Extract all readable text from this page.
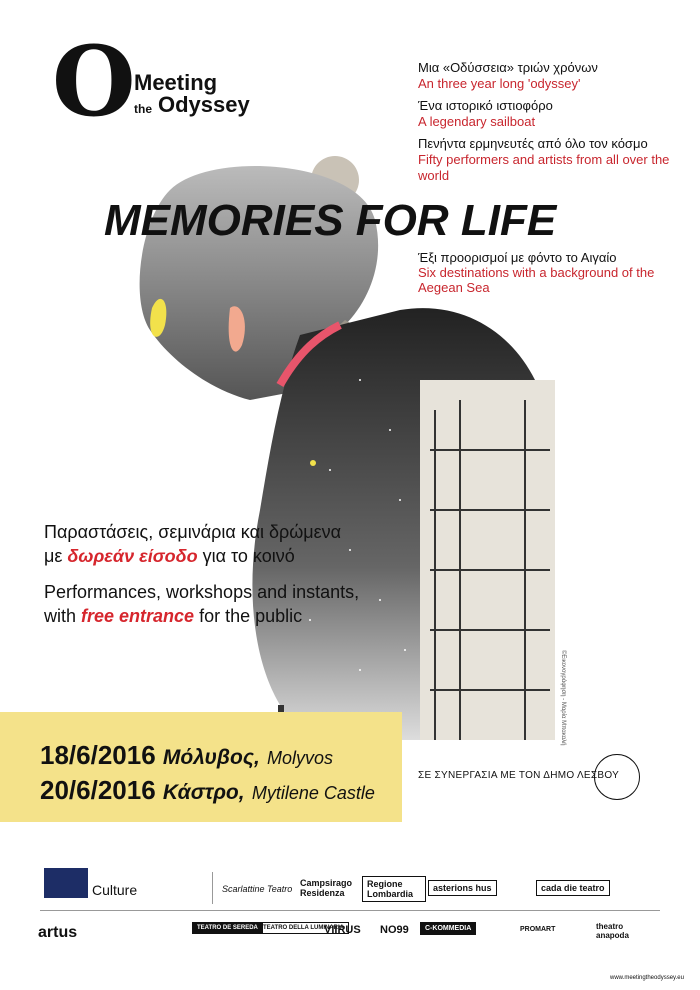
O
Meeting
the Odyssey
Μια «Οδύσσεια» τριών χρόνων
An three year long 'odyssey'
Ένα ιστορικό ιστιοφόρο
A legendary sailboat
Πενήντα ερμηνευτές από όλο τον κόσμο
Fifty performers and artists from all over the world
©Εικονογράφηση - Μαρία Μπακαλή
MEMORIES FOR LIFE
Έξι προορισμοί με φόντο το Αιγαίο
Six destinations with a background of the Aegean Sea
Παραστάσεις, σεμινάρια και δρώμενα
με δωρεάν είσοδο για το κοινό
Performances, workshops and instants,
with free entrance for the public
18/6/2016 Μόλυβος, Molyvos
20/6/2016 Κάστρο, Mytilene Castle
ΣΕ ΣΥΝΕΡΓΑΣΙΑ ΜΕ ΤΟΝ ΔΗΜΟ ΛΕΣΒΟΥ
Culture	Scarlattine Teatro
Campsirago Residenza
Regione Lombardia
asterions hus	cada die teatro
artus	TEATRO DE SEREDA TEATRO DELLA LUMINARIA
VIIRUS NO99	C-KOMMEDIA	PROMART	theatro anapoda
www.meetingtheodyssey.eu
